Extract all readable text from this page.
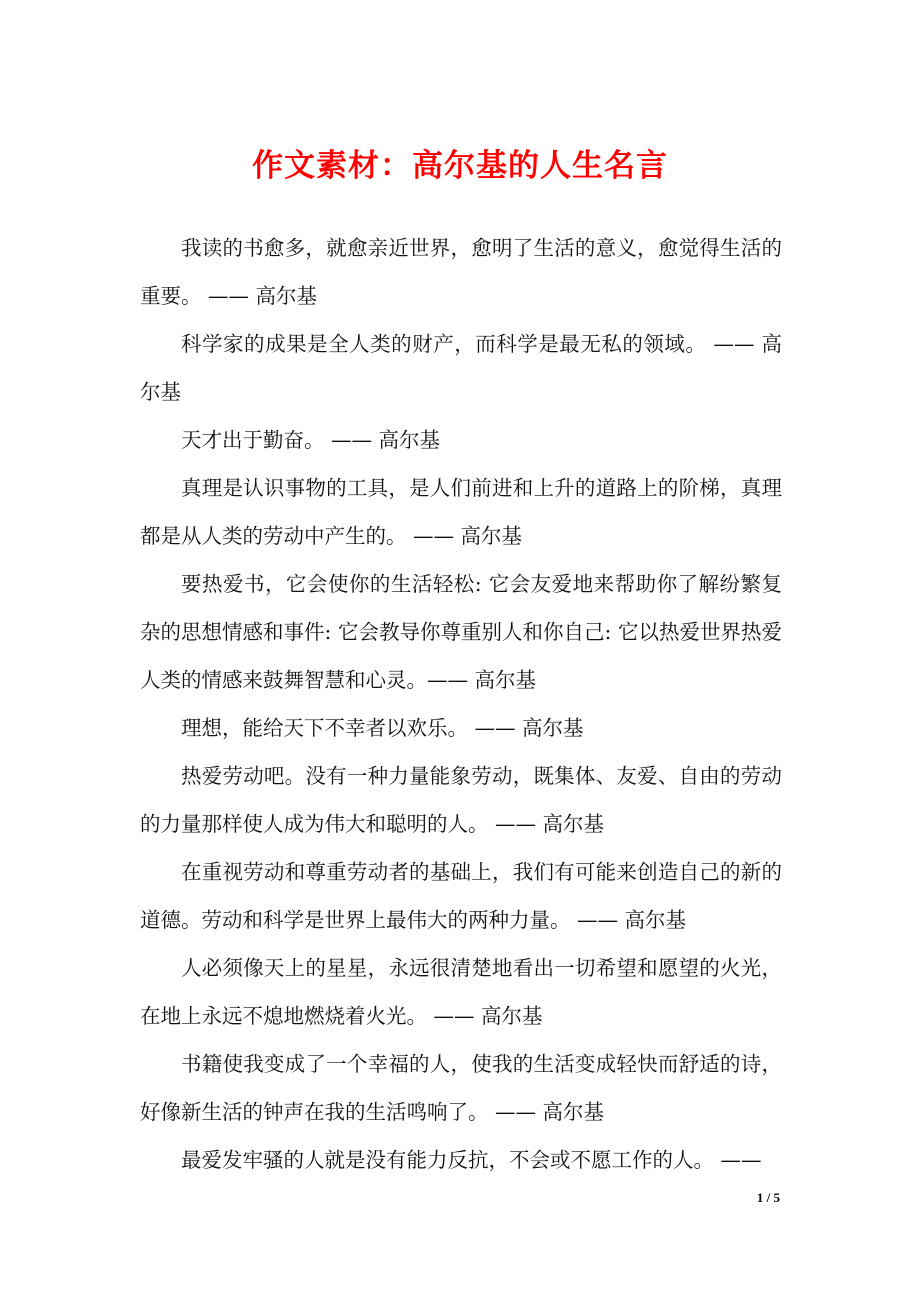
作文素材：高尔基的人生名言

我读的书愈多，就愈亲近世界，愈明了生活的意义，愈觉得生活的重要。 —— 高尔基

科学家的成果是全人类的财产，而科学是最无私的领域。 —— 高尔基

天才出于勤奋。 —— 高尔基

真理是认识事物的工具，是人们前进和上升的道路上的阶梯，真理都是从人类的劳动中产生的。 —— 高尔基

要热爱书，它会使你的生活轻松: 它会友爱地来帮助你了解纷繁复杂的思想情感和事件: 它会教导你尊重别人和你自己: 它以热爱世界热爱人类的情感来鼓舞智慧和心灵。—— 高尔基

理想，能给天下不幸者以欢乐。 —— 高尔基

热爱劳动吧。没有一种力量能象劳动，既集体、友爱、自由的劳动的力量那样使人成为伟大和聪明的人。 —— 高尔基

在重视劳动和尊重劳动者的基础上，我们有可能来创造自己的新的道德。劳动和科学是世界上最伟大的两种力量。 —— 高尔基

人必须像天上的星星，永远很清楚地看出一切希望和愿望的火光，在地上永远不熄地燃烧着火光。 —— 高尔基

书籍使我变成了一个幸福的人，使我的生活变成轻快而舒适的诗，好像新生活的钟声在我的生活鸣响了。 —— 高尔基

最爱发牢骚的人就是没有能力反抗，不会或不愿工作的人。 ——

1 / 5
